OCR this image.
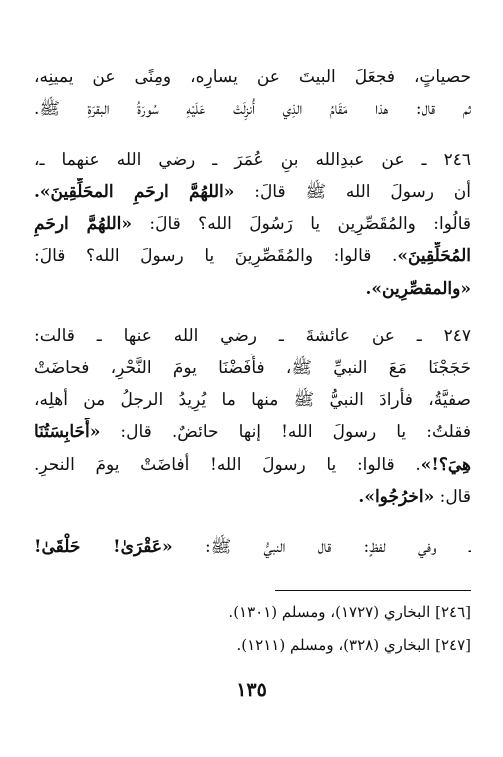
حصياتٍ، فجعَلَ البيتَ عن يسارِه، ومِنًى عن يمينِه،
ثم قال: هذا مَقَامُ الذِي أُنزِلَتْ عَلَيْهِ سُورَةُ البقرَةِ ﷺ.
٢٤٦ ـ عن عبدِالله بنِ عُمَرَ ـ رضي الله عنهما ـ،
أن رسولَ الله ﷺ قالَ: «اللهُمَّ ارحَمِ المحَلِّقِينَ».
قالُوا: والمُقَصِّرِين يا رَسُولَ الله؟ قالَ: «اللهُمَّ ارحَمِ
المُحَلِّقِينَ». قالوا: والمُقَصِّرِينَ يا رسولَ الله؟ قالَ:
«والمقصِّرِين».
٢٤٧ ـ عن عائشةَ ـ رضي الله عنها ـ قالت:
حَجَجْنَا مَعَ النبيِّ ﷺ، فأَفَضْنَا يومَ النَّحْرِ، فحاضَتْ
صفيَّةُ، فأرادَ النبيُّ ﷺ منها ما يُرِيدُ الرجلُ من أهلِه،
فقلتُ: يا رسولَ الله! إنها حائضٌ. قال: «أَحَابِسَتُنَا
هِيَ؟!». قالوا: يا رسولَ الله! أفاضَتْ يومَ النحرِ.
قال: «اخرُجُوا».
ـ وفي لفظٍ: قال النبيُّ ﷺ: «عَقْرَىٰ! حَلْقَىٰ!
[٢٤٦] البخاري (١٧٢٧)، ومسلم (١٣٠١).
[٢٤٧] البخاري (٣٢٨)، ومسلم (١٢١١).
١٣٥
